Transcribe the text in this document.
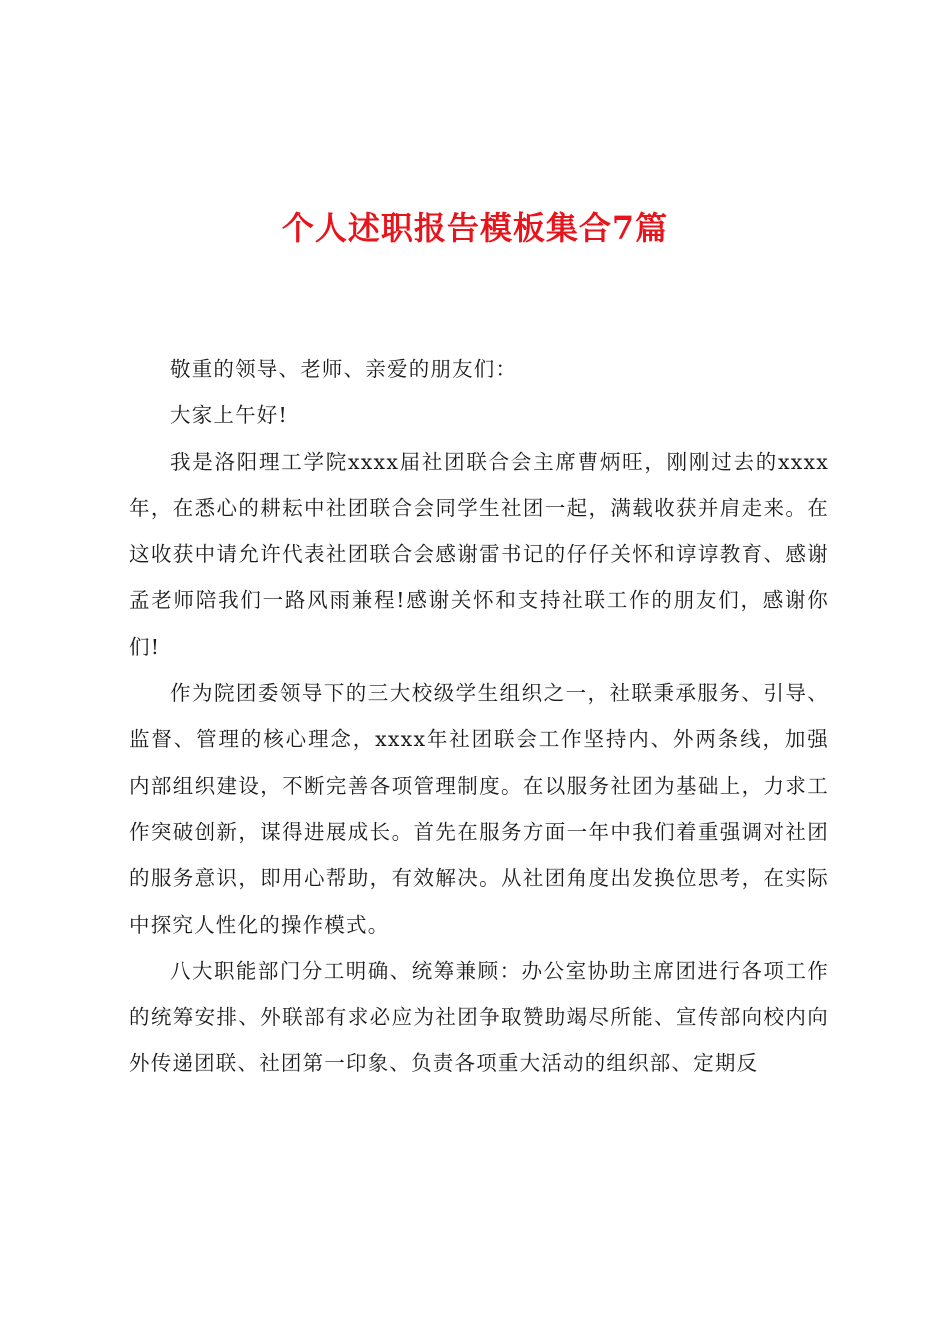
个人述职报告模板集合7篇

敬重的领导、老师、亲爱的朋友们：

大家上午好!

我是洛阳理工学院xxxx届社团联合会主席曹炳旺，刚刚过去的xxxx年，在悉心的耕耘中社团联合会同学生社团一起，满载收获并肩走来。在这收获中请允许代表社团联合会感谢雷书记的仔仔关怀和谆谆教育、感谢孟老师陪我们一路风雨兼程!感谢关怀和支持社联工作的朋友们，感谢你们!

作为院团委领导下的三大校级学生组织之一，社联秉承服务、引导、监督、管理的核心理念，xxxx年社团联会工作坚持内、外两条线，加强内部组织建设，不断完善各项管理制度。在以服务社团为基础上，力求工作突破创新，谋得进展成长。首先在服务方面一年中我们着重强调对社团的服务意识，即用心帮助，有效解决。从社团角度出发换位思考，在实际中探究人性化的操作模式。

八大职能部门分工明确、统筹兼顾：办公室协助主席团进行各项工作的统筹安排、外联部有求必应为社团争取赞助竭尽所能、宣传部向校内向外传递团联、社团第一印象、负责各项重大活动的组织部、定期反
